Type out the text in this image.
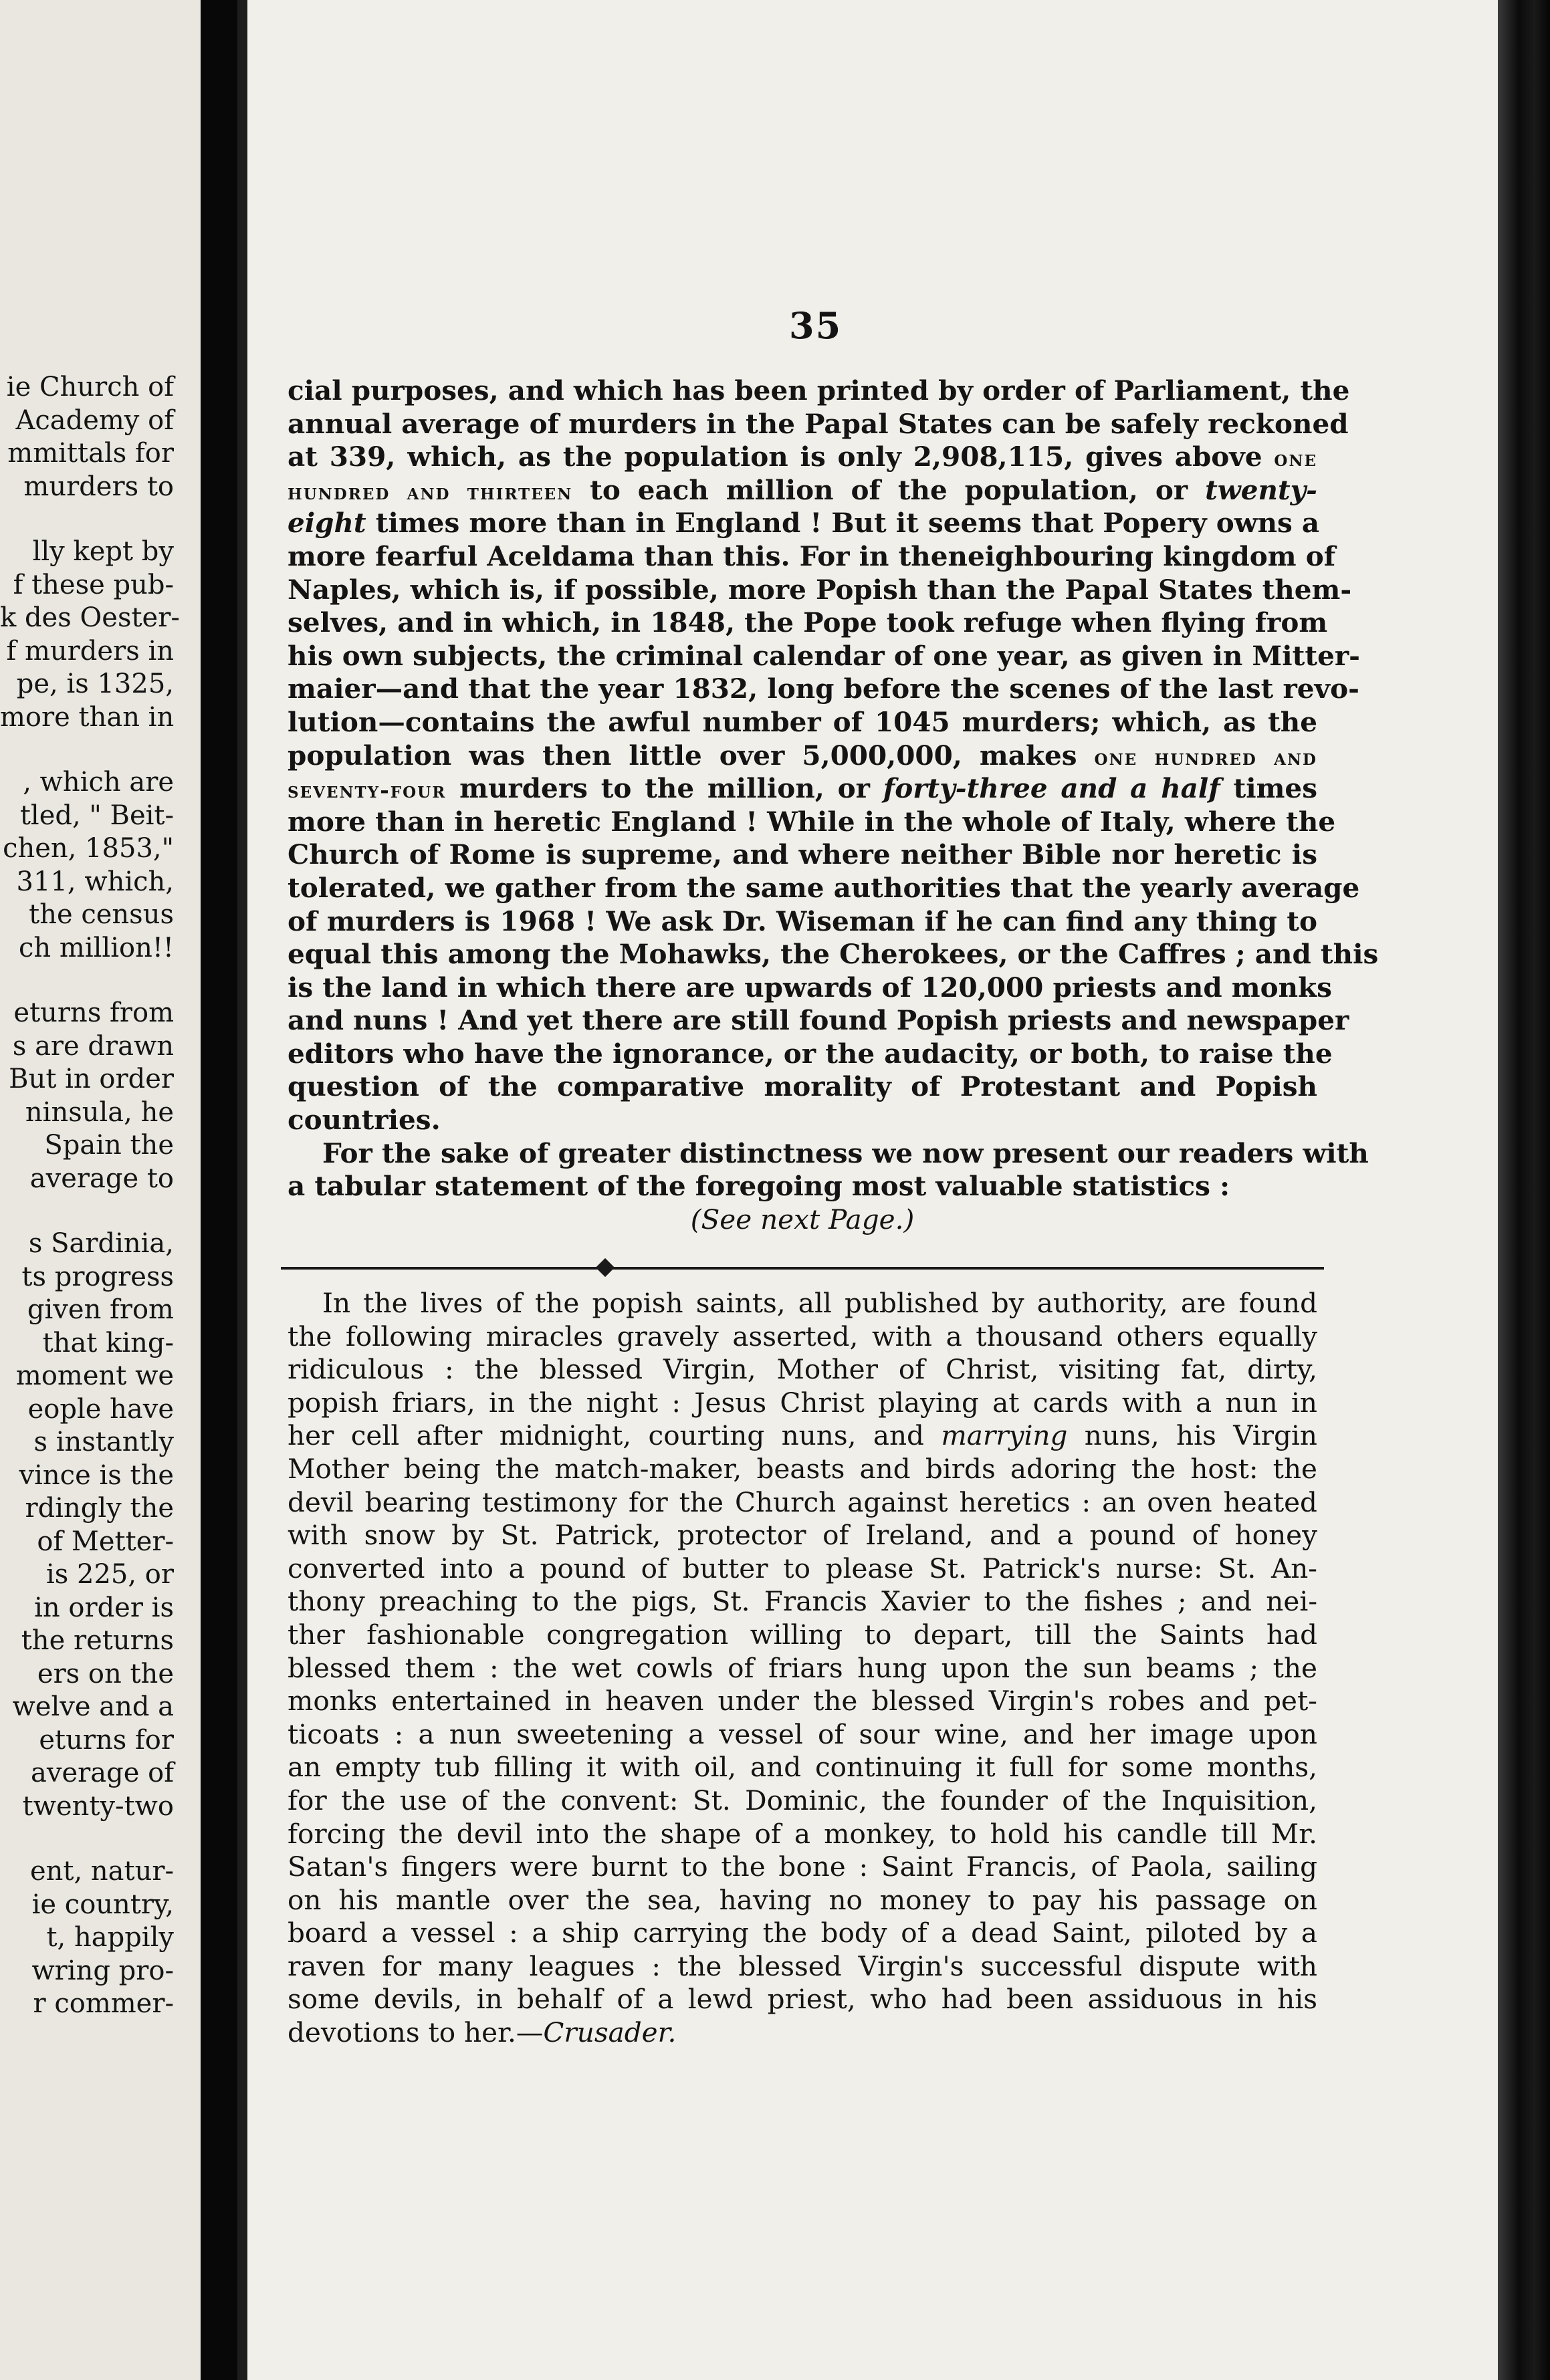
ie Church of
Academy of
mmittals for
murders to
lly kept by
f these pub-
k des Oester-
f murders in
pe, is 1325,
more than in
, which are
tled, " Beit-
chen, 1853,"
311, which,
the census
ch million!!
eturns from
s are drawn
But in order
ninsula, he
Spain the
average to
s Sardinia,
ts progress
given from
that king-
moment we
eople have
s instantly
vince is the
rdingly the
of Metter-
is 225, or
in order is
the returns
ers on the
welve and a
eturns for
average of
twenty-two
ent, natur-
ie country,
t, happily
wring pro-
r commer-
35
cial purposes, and which has been printed by order of Parliament, the
annual average of murders in the Papal States can be safely reckoned
at 339, which, as the population is only 2,908,115, gives above one
hundred and thirteen to each million of the population, or twenty-
eight times more than in England ! But it seems that Popery owns a
more fearful Aceldama than this. For in theneighbouring kingdom of
Naples, which is, if possible, more Popish than the Papal States them-
selves, and in which, in 1848, the Pope took refuge when flying from
his own subjects, the criminal calendar of one year, as given in Mitter-
maier—and that the year 1832, long before the scenes of the last revo-
lution—contains the awful number of 1045 murders; which, as the
population was then little over 5,000,000, makes one hundred and
seventy-four murders to the million, or forty-three and a half times
more than in heretic England ! While in the whole of Italy, where the
Church of Rome is supreme, and where neither Bible nor heretic is
tolerated, we gather from the same authorities that the yearly average
of murders is 1968 ! We ask Dr. Wiseman if he can find any thing to
equal this among the Mohawks, the Cherokees, or the Caffres ; and this
is the land in which there are upwards of 120,000 priests and monks
and nuns ! And yet there are still found Popish priests and newspaper
editors who have the ignorance, or the audacity, or both, to raise the
question of the comparative morality of Protestant and Popish
countries.
For the sake of greater distinctness we now present our readers with
a tabular statement of the foregoing most valuable statistics :
(See next Page.)
In the lives of the popish saints, all published by authority, are found
the following miracles gravely asserted, with a thousand others equally
ridiculous : the blessed Virgin, Mother of Christ, visiting fat, dirty,
popish friars, in the night : Jesus Christ playing at cards with a nun in
her cell after midnight, courting nuns, and marrying nuns, his Virgin
Mother being the match-maker, beasts and birds adoring the host: the
devil bearing testimony for the Church against heretics : an oven heated
with snow by St. Patrick, protector of Ireland, and a pound of honey
converted into a pound of butter to please St. Patrick's nurse: St. An-
thony preaching to the pigs, St. Francis Xavier to the fishes ; and nei-
ther fashionable congregation willing to depart, till the Saints had
blessed them : the wet cowls of friars hung upon the sun beams ; the
monks entertained in heaven under the blessed Virgin's robes and pet-
ticoats : a nun sweetening a vessel of sour wine, and her image upon
an empty tub filling it with oil, and continuing it full for some months,
for the use of the convent: St. Dominic, the founder of the Inquisition,
forcing the devil into the shape of a monkey, to hold his candle till Mr.
Satan's fingers were burnt to the bone : Saint Francis, of Paola, sailing
on his mantle over the sea, having no money to pay his passage on
board a vessel : a ship carrying the body of a dead Saint, piloted by a
raven for many leagues : the blessed Virgin's successful dispute with
some devils, in behalf of a lewd priest, who had been assiduous in his
devotions to her.—Crusader.
